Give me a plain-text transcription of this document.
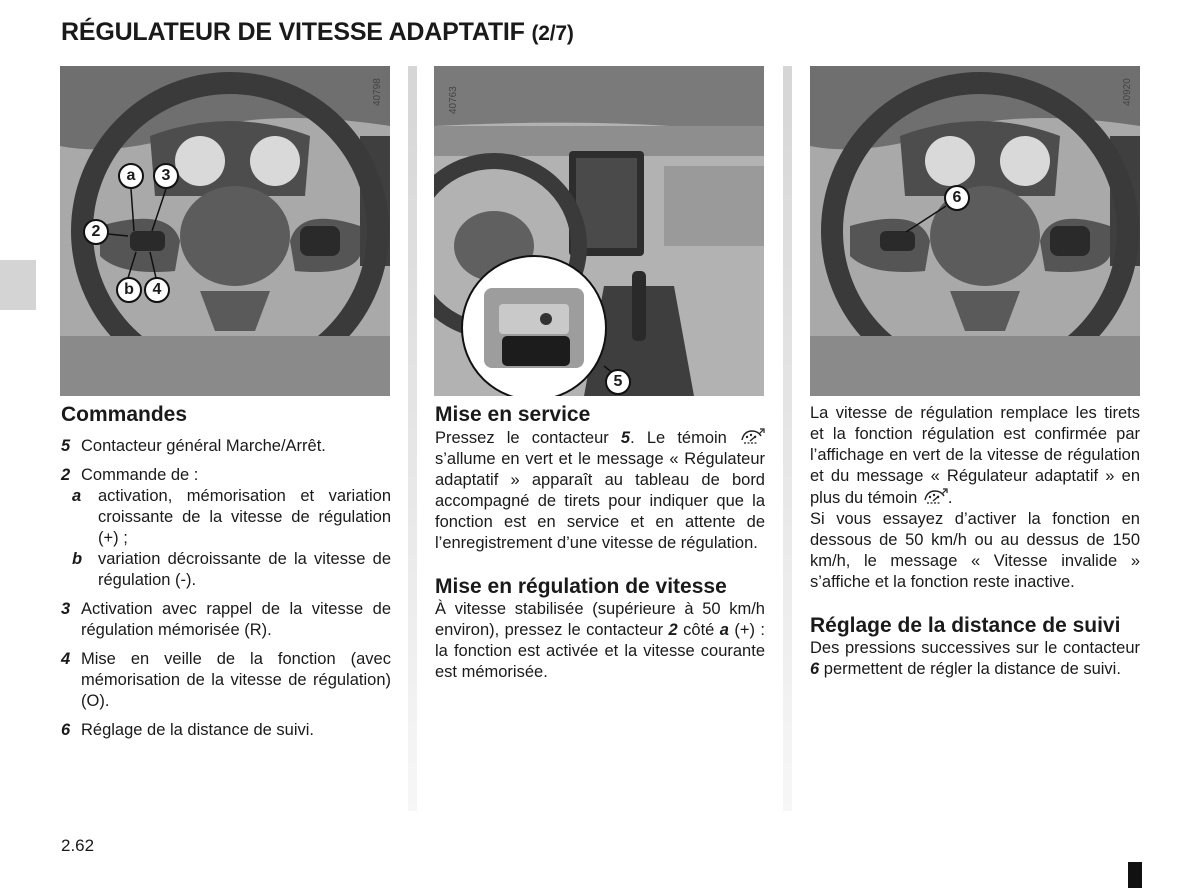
RÉGULATEUR DE VITESSE ADAPTATIF (2/7)
40798
a	3
2
b	4
40763
5
40920
6
Commandes
5 Contacteur général Marche/Arrêt.
2 Commande de :
a	activation, mémorisation et variation croissante de la vitesse de régulation (+) ;
b variation décroissante de la vitesse de régulation (-).
3 Activation avec rappel de la vitesse de régulation mémorisée (R).
4 Mise en veille de la fonction (avec mémorisation de la vitesse de régulation) (O).
6 Réglage de la distance de suivi.
Mise en service

Pressez le contacteur 5. Le témoin  s’allume en vert et le message « Régulateur adaptatif » apparaît au tableau de bord accompagné de tirets pour indiquer que la fonction est en service et en attente de l’enregistrement d’une vitesse de régulation.

Mise en régulation de vitesse

À vitesse stabilisée (supérieure à 50 km/h environ), pressez le contacteur 2 côté a (+) : la fonction est activée et la vitesse courante est mémorisée.

La vitesse de régulation remplace les tirets et la fonction régulation est confirmée par l’affichage en vert de la vitesse de régulation et du message « Régulateur adaptatif » en plus du témoin .

Si vous essayez d’activer la fonction en dessous de 50 km/h ou au dessus de 150 km/h, le message « Vitesse invalide » s’affiche et la fonction reste inactive.

Réglage de la distance de suivi

Des pressions successives sur le contacteur 6 permettent de régler la distance de suivi.

2.62
